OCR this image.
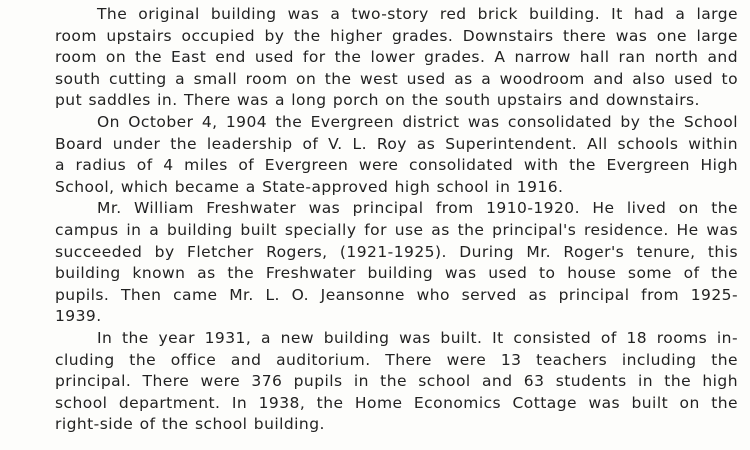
The original building was a two-story red brick building. It had a large
room upstairs occupied by the higher grades. Downstairs there was one large
room on the East end used for the lower grades. A narrow hall ran north and
south cutting a small room on the west used as a woodroom and also used to
put saddles in. There was a long porch on the south upstairs and downstairs.
On October 4, 1904 the Evergreen district was consolidated by the School
Board under the leadership of V. L. Roy as Superintendent. All schools within
a radius of 4 miles of Evergreen were consolidated with the Evergreen High
School, which became a State-approved high school in 1916.
Mr. William Freshwater was principal from 1910-1920. He lived on the
campus in a building built specially for use as the principal's residence. He was
succeeded by Fletcher Rogers, (1921-1925). During Mr. Roger's tenure, this
building known as the Freshwater building was used to house some of the
pupils. Then came Mr. L. O. Jeansonne who served as principal from 1925-
1939.
In the year 1931, a new building was built. It consisted of 18 rooms in-
cluding the office and auditorium. There were 13 teachers including the
principal. There were 376 pupils in the school and 63 students in the high
school department. In 1938, the Home Economics Cottage was built on the
right-side of the school building.
